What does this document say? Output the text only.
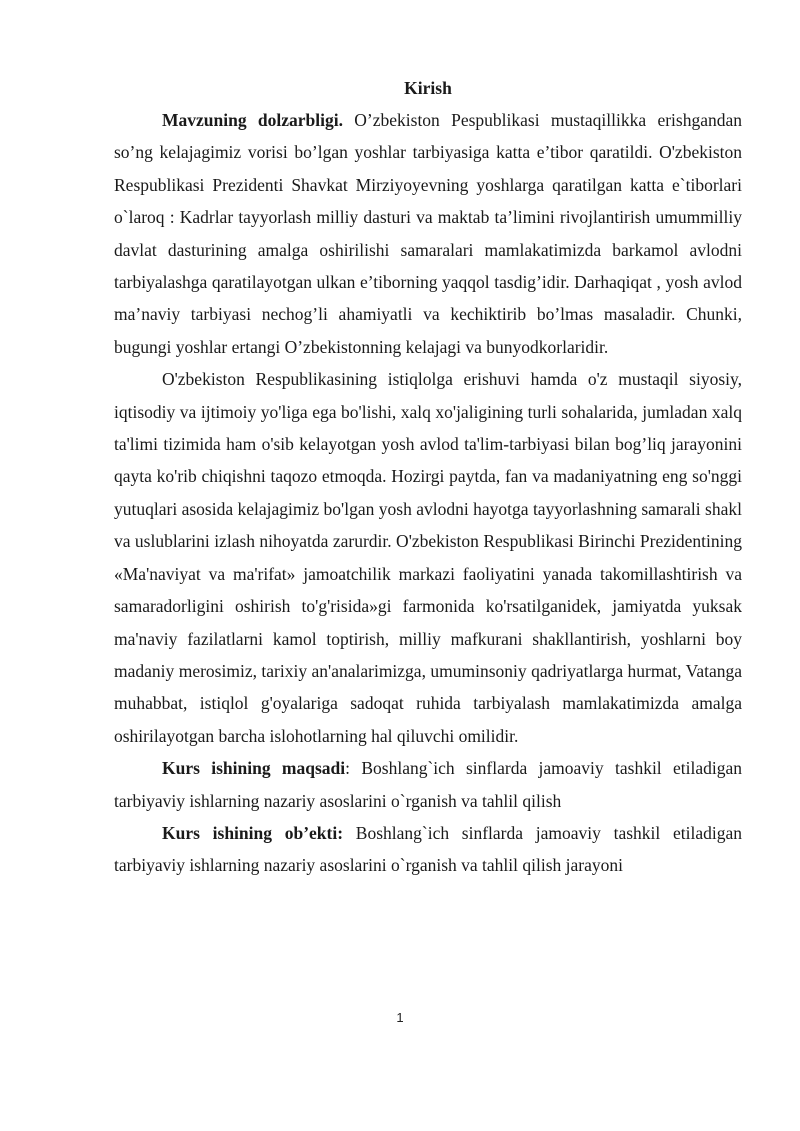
Kirish

Mavzuning dolzarbligi. O’zbekiston Pespublikasi mustaqillikka erishgandan so’ng kelajagimiz vorisi bo’lgan yoshlar tarbiyasiga katta e’tibor qaratildi. O'zbekiston Respublikasi Prezidenti Shavkat Mirziyoyevning yoshlarga qaratilgan katta e`tiborlari o`laroq : Kadrlar tayyorlash milliy dasturi va maktab ta’limini rivojlantirish umummilliy davlat dasturining amalga oshirilishi samaralari mamlakatimizda barkamol avlodni tarbiyalashga qaratilayotgan ulkan e’tiborning yaqqol tasdig’idir. Darhaqiqat , yosh avlod ma’naviy tarbiyasi nechog’li ahamiyatli va kechiktirib bo’lmas masaladir. Chunki, bugungi yoshlar ertangi O’zbekistonning kelajagi va bunyodkorlaridir.

O'zbekiston Respublikasining istiqlolga erishuvi hamda o'z mustaqil siyosiy, iqtisodiy va ijtimoiy yo'liga ega bo'lishi, xalq xo'jaligining turli sohalarida, jumladan xalq ta'limi tizimida ham o'sib kelayotgan yosh avlod ta'lim-tarbiyasi bilan bog’liq jarayonini qayta ko'rib chiqishni taqozo etmoqda. Hozirgi paytda, fan va madaniyatning eng so'nggi yutuqlari asosida kelajagimiz bo'lgan yosh avlodni hayotga tayyorlashning samarali shakl va uslublarini izlash nihoyatda zarurdir. O'zbekiston Respublikasi Birinchi Prezidentining «Ma'naviyat va ma'rifat» jamoatchilik markazi faoliyatini yanada takomillashtirish va samaradorligini oshirish to'g'risida»gi farmonida ko'rsatilganidek, jamiyatda yuksak ma'naviy fazilatlarni kamol toptirish, milliy mafkurani shakllantirish, yoshlarni boy madaniy merosimiz, tarixiy an'analarimizga, umuminsoniy qadriyatlarga hurmat, Vatanga muhabbat, istiqlol g'oyalariga sadoqat ruhida tarbiyalash mamlakatimizda amalga oshirilayotgan barcha islohotlarning hal qiluvchi omilidir.

Kurs ishining maqsadi: Boshlang`ich sinflarda jamoaviy tashkil etiladigan tarbiyaviy ishlarning nazariy asoslarini o`rganish va tahlil qilish

Kurs ishining ob’ekti: Boshlang`ich sinflarda jamoaviy tashkil etiladigan tarbiyaviy ishlarning nazariy asoslarini o`rganish va tahlil qilish jarayoni

1
